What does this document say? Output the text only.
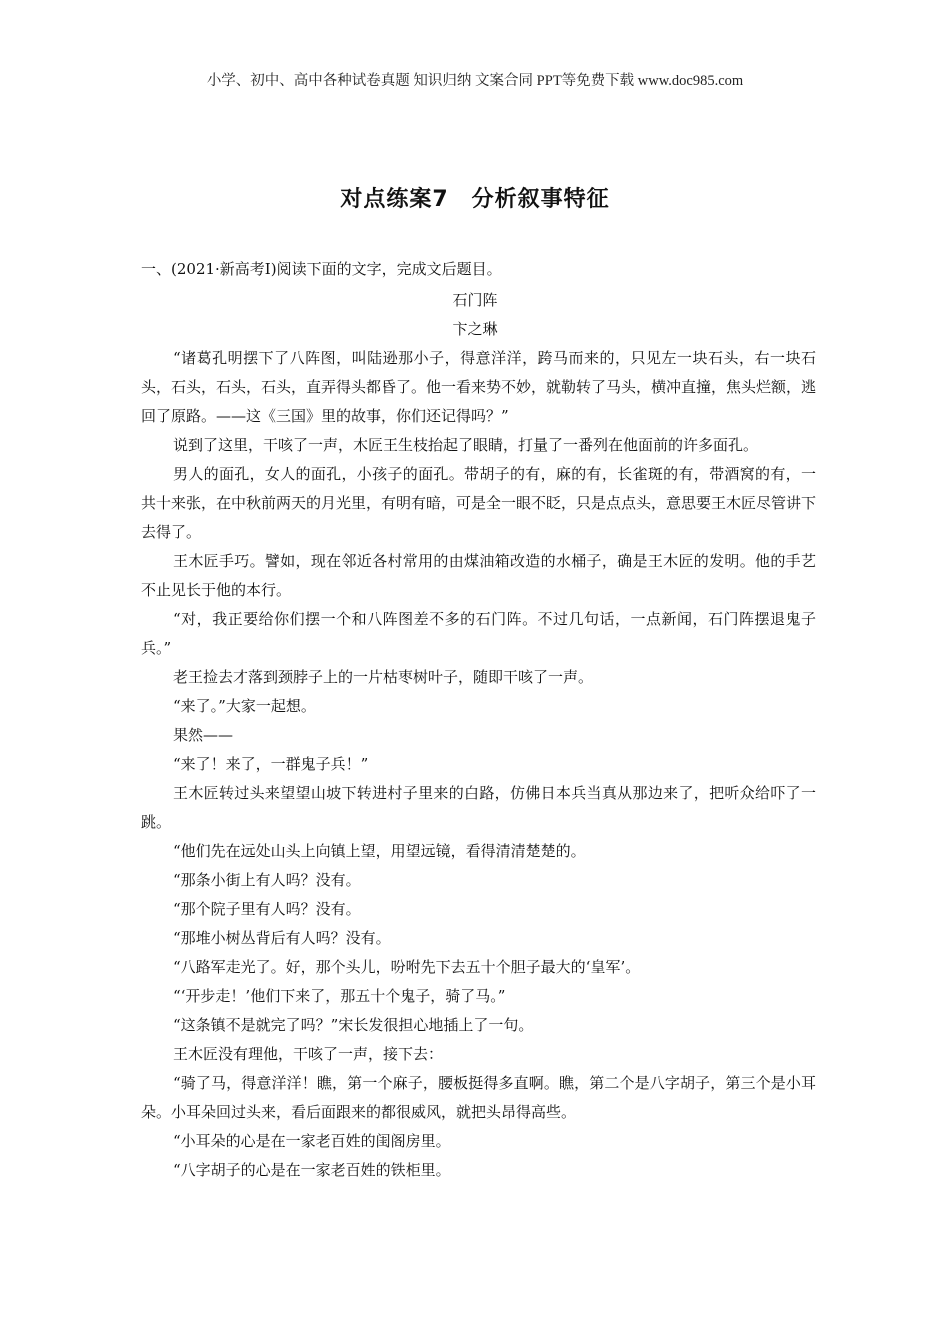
小学、初中、高中各种试卷真题 知识归纳 文案合同 PPT等免费下载 www.doc985.com
对点练案7　分析叙事特征
一、(2021·新高考Ⅰ)阅读下面的文字，完成文后题目。
石门阵
卞之琳

“诸葛孔明摆下了八阵图，叫陆逊那小子，得意洋洋，跨马而来的，只见左一块石头，右一块石头，石头，石头，石头，直弄得头都昏了。他一看来势不妙，就勒转了马头，横冲直撞，焦头烂额，逃回了原路。——这《三国》里的故事，你们还记得吗？”

说到了这里，干咳了一声，木匠王生枝抬起了眼睛，打量了一番列在他面前的许多面孔。

男人的面孔，女人的面孔，小孩子的面孔。带胡子的有，麻的有，长雀斑的有，带酒窝的有，一共十来张，在中秋前两天的月光里，有明有暗，可是全一眼不眨，只是点点头，意思要王木匠尽管讲下去得了。

王木匠手巧。譬如，现在邻近各村常用的由煤油箱改造的水桶子，确是王木匠的发明。他的手艺不止见长于他的本行。

“对，我正要给你们摆一个和八阵图差不多的石门阵。不过几句话，一点新闻，石门阵摆退鬼子兵。”

老王捡去才落到颈脖子上的一片枯枣树叶子，随即干咳了一声。

“来了。”大家一起想。

果然——

“来了！来了，一群鬼子兵！”

王木匠转过头来望望山坡下转进村子里来的白路，仿佛日本兵当真从那边来了，把听众给吓了一跳。

“他们先在远处山头上向镇上望，用望远镜，看得清清楚楚的。

“那条小街上有人吗？没有。

“那个院子里有人吗？没有。

“那堆小树丛背后有人吗？没有。

“八路军走光了。好，那个头儿，吩咐先下去五十个胆子最大的‘皇军’。

“‘开步走！’他们下来了，那五十个鬼子，骑了马。”

“这条镇不是就完了吗？”宋长发很担心地插上了一句。

王木匠没有理他，干咳了一声，接下去：

“骑了马，得意洋洋！瞧，第一个麻子，腰板挺得多直啊。瞧，第二个是八字胡子，第三个是小耳朵。小耳朵回过头来，看后面跟来的都很威风，就把头昂得高些。

“小耳朵的心是在一家老百姓的闺阁房里。

“八字胡子的心是在一家老百姓的铁柜里。
